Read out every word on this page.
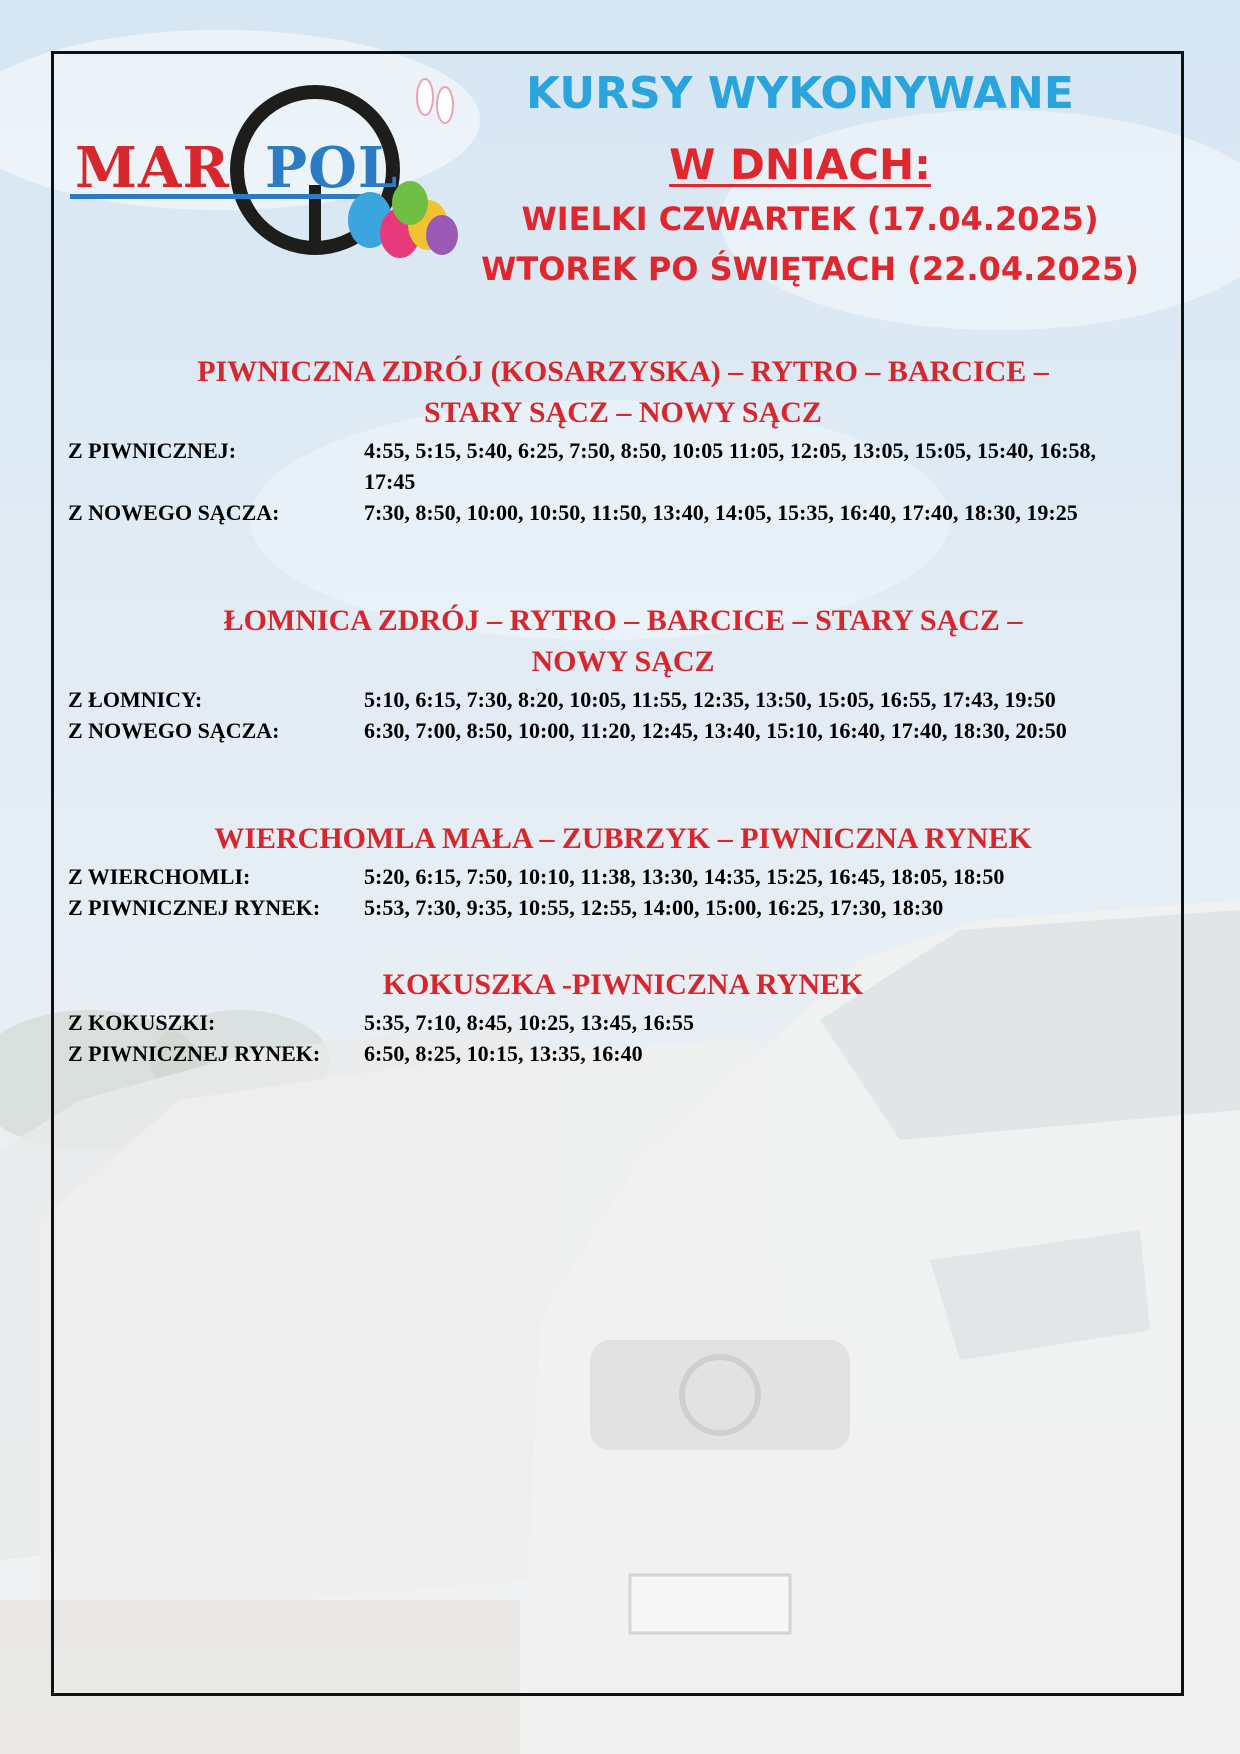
MAR POL
KURSY WYKONYWANE
W DNIACH:
WIELKI CZWARTEK (17.04.2025)
WTOREK PO ŚWIĘTACH (22.04.2025)
PIWNICZNA ZDRÓJ (KOSARZYSKA) – RYTRO – BARCICE –
STARY SĄCZ – NOWY SĄCZ
Z PIWNICZNEJ:	4:55, 5:15, 5:40, 6:25, 7:50, 8:50, 10:05 11:05, 12:05, 13:05, 15:05, 15:40, 16:58, 17:45
Z NOWEGO SĄCZA:	7:30, 8:50, 10:00, 10:50, 11:50, 13:40, 14:05, 15:35, 16:40, 17:40, 18:30, 19:25
ŁOMNICA ZDRÓJ – RYTRO – BARCICE – STARY SĄCZ –
NOWY SĄCZ
Z ŁOMNICY:	5:10, 6:15, 7:30, 8:20, 10:05, 11:55, 12:35, 13:50, 15:05, 16:55, 17:43, 19:50
Z NOWEGO SĄCZA:	6:30, 7:00, 8:50, 10:00, 11:20, 12:45, 13:40, 15:10, 16:40, 17:40, 18:30, 20:50
WIERCHOMLA MAŁA – ZUBRZYK – PIWNICZNA RYNEK
Z WIERCHOMLI:	5:20, 6:15, 7:50, 10:10, 11:38, 13:30, 14:35, 15:25, 16:45, 18:05, 18:50
Z PIWNICZNEJ RYNEK:	5:53, 7:30, 9:35, 10:55, 12:55, 14:00, 15:00, 16:25, 17:30, 18:30
KOKUSZKA -PIWNICZNA RYNEK
Z KOKUSZKI:	5:35, 7:10, 8:45, 10:25, 13:45, 16:55
Z PIWNICZNEJ RYNEK:	6:50, 8:25, 10:15, 13:35, 16:40
